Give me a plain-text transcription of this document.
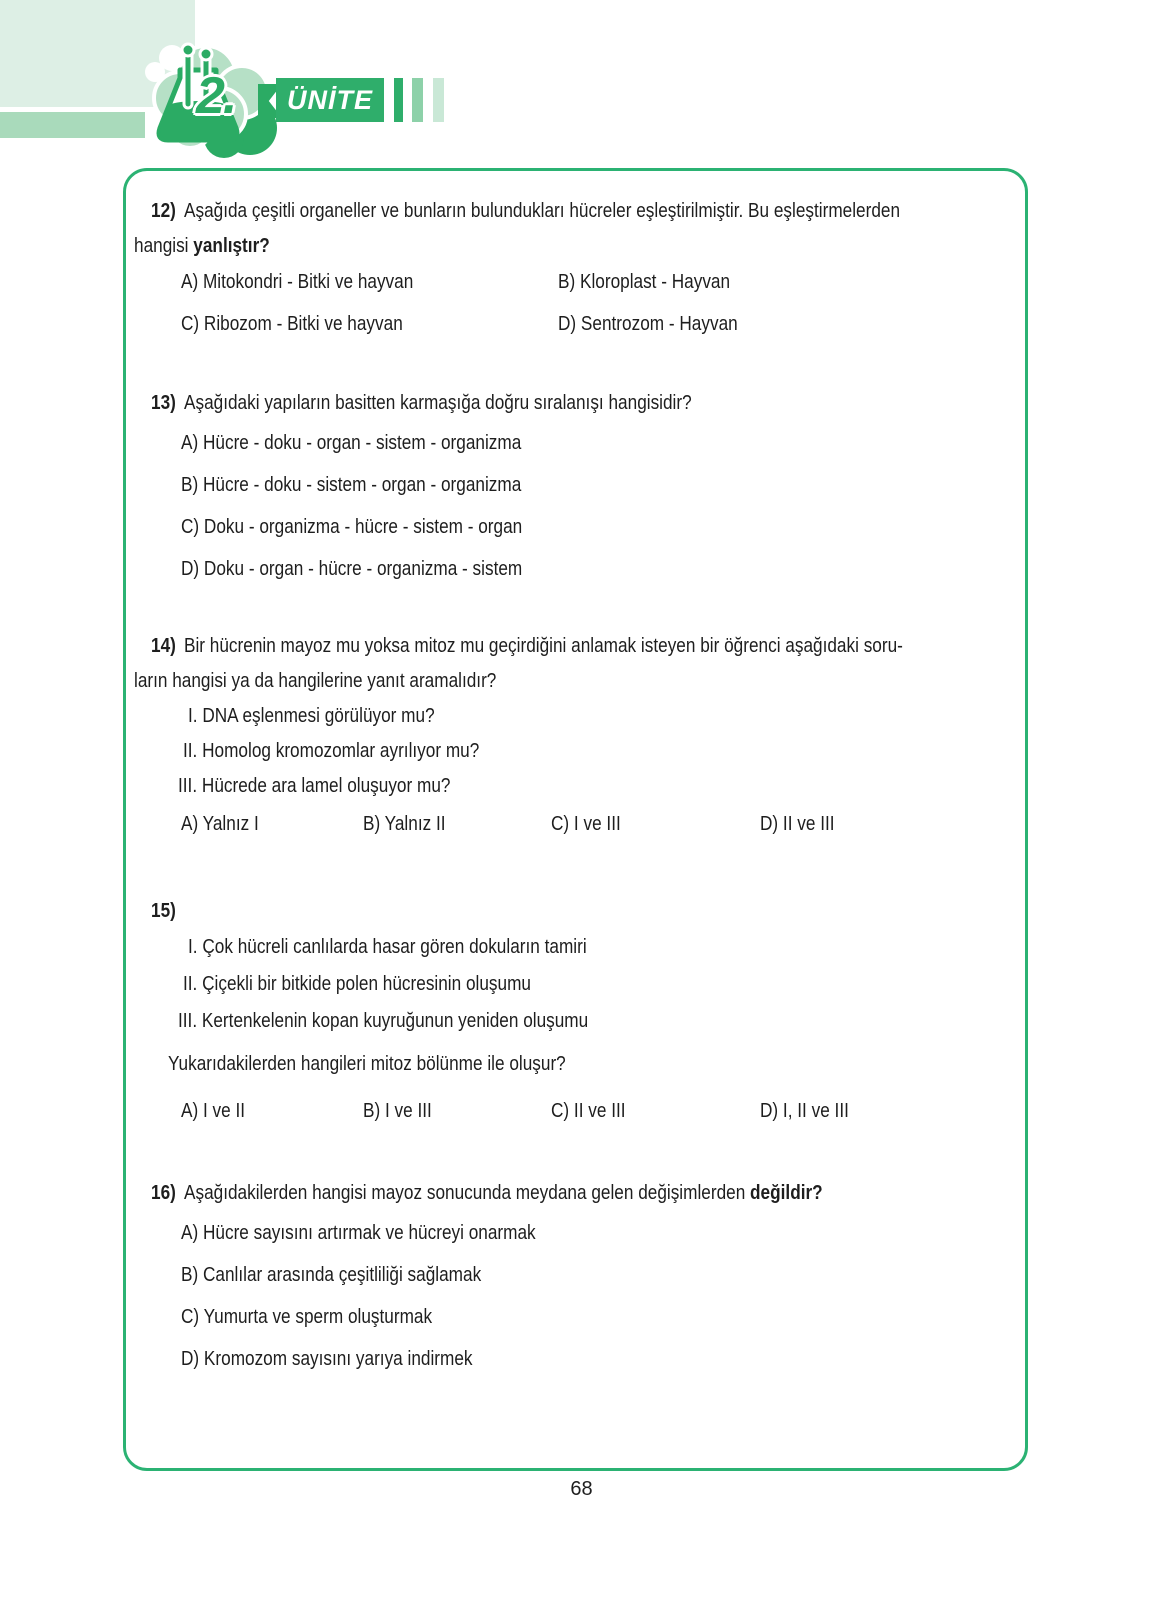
2. ÜNİTE
12) Aşağıda çeşitli organeller ve bunların bulundukları hücreler eşleştirilmiştir. Bu eşleştirmelerden
hangisi yanlıştır?
A) Mitokondri - Bitki ve hayvan	B) Kloroplast - Hayvan
C) Ribozom - Bitki ve hayvan	D) Sentrozom - Hayvan
13) Aşağıdaki yapıların basitten karmaşığa doğru sıralanışı hangisidir?
A) Hücre - doku - organ - sistem - organizma
B) Hücre - doku - sistem - organ - organizma
C) Doku - organizma - hücre - sistem - organ
D) Doku - organ - hücre - organizma - sistem
14) Bir hücrenin mayoz mu yoksa mitoz mu geçirdiğini anlamak isteyen bir öğrenci aşağıdaki soru-
ların hangisi ya da hangilerine yanıt aramalıdır?
I. DNA eşlenmesi görülüyor mu?
II. Homolog kromozomlar ayrılıyor mu?
III. Hücrede ara lamel oluşuyor mu?
A) Yalnız I	B) Yalnız II	C) I ve III	D) II ve III
15)
I. Çok hücreli canlılarda hasar gören dokuların tamiri
II. Çiçekli bir bitkide polen hücresinin oluşumu
III. Kertenkelenin kopan kuyruğunun yeniden oluşumu
Yukarıdakilerden hangileri mitoz bölünme ile oluşur?
A) I ve II	B) I ve III	C) II ve III	D) I, II ve III
16) Aşağıdakilerden hangisi mayoz sonucunda meydana gelen değişimlerden değildir?
A) Hücre sayısını artırmak ve hücreyi onarmak
B) Canlılar arasında çeşitliliği sağlamak
C) Yumurta ve sperm oluşturmak
D) Kromozom sayısını yarıya indirmek
68
